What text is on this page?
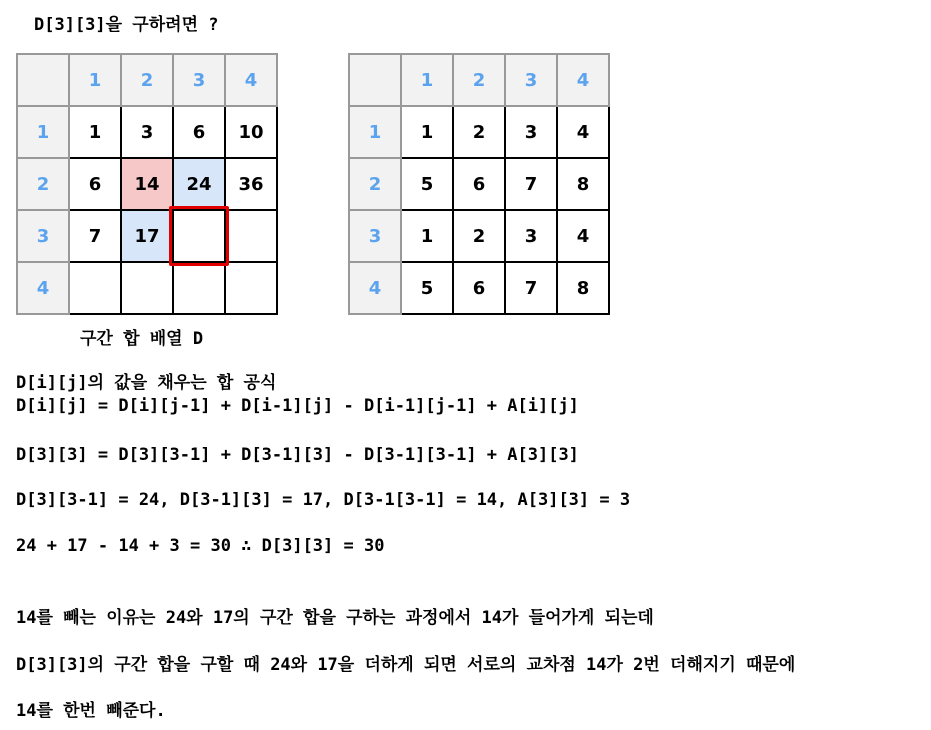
D[3][3]을 구하려면 ?
	1	2	3	4
1	1	3	6	10
2	6	14	24	36
3	7	17		
4				
	1	2	3	4
1	1	2	3	4
2	5	6	7	8
3	1	2	3	4
4	5	6	7	8
구간 합 배열 D
D[i][j]의 값을 채우는 합 공식
D[i][j] = D[i][j-1] + D[i-1][j] - D[i-1][j-1] + A[i][j]
D[3][3] = D[3][3-1] + D[3-1][3] - D[3-1][3-1] + A[3][3]
D[3][3-1] = 24, D[3-1][3] = 17, D[3-1[3-1] = 14, A[3][3] = 3
24 + 17 - 14 + 3 = 30 ∴ D[3][3] = 30
14를 빼는 이유는 24와 17의 구간 합을 구하는 과정에서 14가 들어가게 되는데
D[3][3]의 구간 합을 구할 때 24와 17을 더하게 되면 서로의 교차점 14가 2번 더해지기 때문에
14를 한번 빼준다.
